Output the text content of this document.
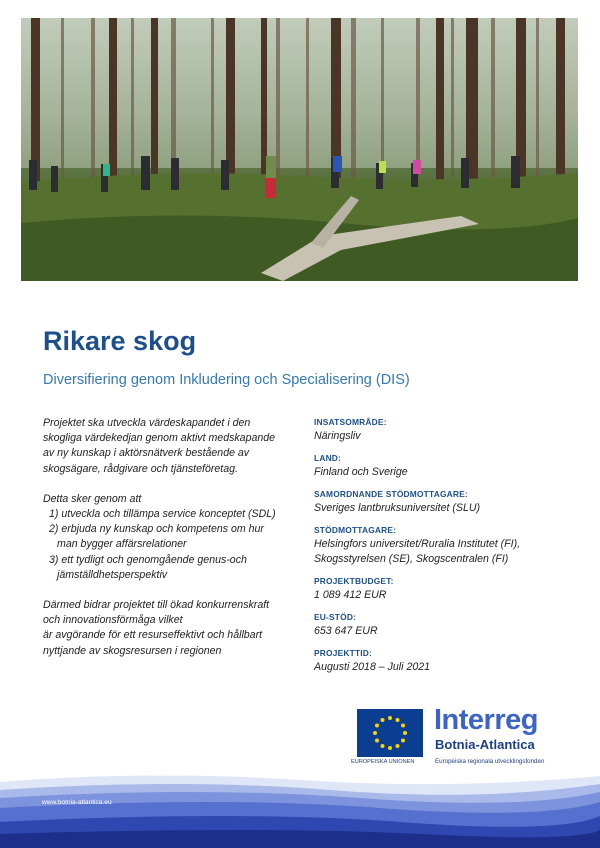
Rikare skog

Diversifiering genom Inkludering och Specialisering (DIS)

Projektet ska utveckla värdeskapandet i den

skogliga värdekedjan genom aktivt medskapande

av ny kunskap i aktörsnätverk bestående av

skogsägare, rådgivare och tjänsteföretag.

Detta sker genom att

1) utveckla och tillämpa service konceptet (SDL)

2) erbjuda ny kunskap och kompetens om hur

man bygger affärsrelationer

3) ett tydligt och genomgående genus-och

jämställdhetsperspektiv

Därmed bidrar projektet till ökad konkurrenskraft

och innovationsförmåga vilket

är avgörande för ett resurseffektivt och hållbart

nyttjande av skogsresursen i regionen

INSATSOMRÅDE:
Näringsliv
LAND:
Finland och Sverige
SAMORDNANDE STÖDMOTTAGARE:
Sveriges lantbruksuniversitet (SLU)
STÖDMOTTAGARE:
Helsingfors universitet/Ruralia Institutet (FI),
Skogsstyrelsen (SE), Skogscentralen (FI)
PROJEKTBUDGET:
1 089 412 EUR
EU-STÖD:
653 647 EUR
PROJEKTTID:
Augusti 2018 – Juli 2021
EUROPEISKA UNIONEN
Interreg
Botnia-Atlantica
Europeiska regionala utvecklingsfonden
www.botnia-atlantica.eu
